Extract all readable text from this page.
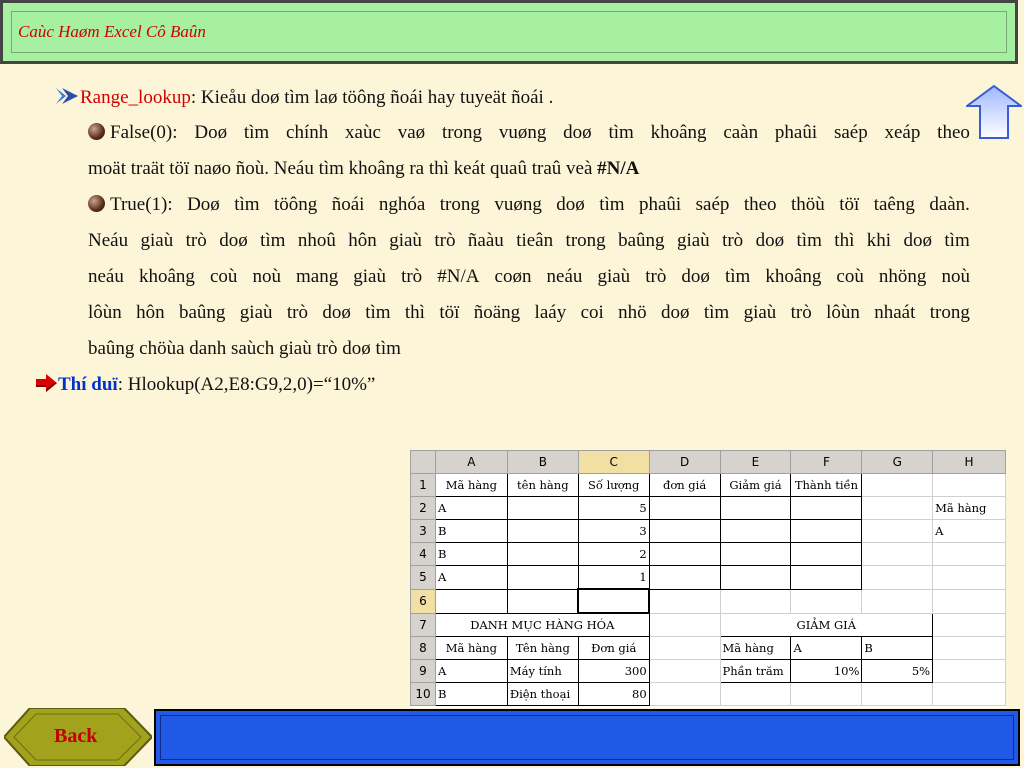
Caùc Haøm Excel Cô Baûn
Range_lookup: Kieåu doø tìm laø töông ñoái hay tuyeät ñoái .
False(0): Doø tìm chính xaùc vaø trong vuøng doø tìm khoâng caàn phaûi saép xeáp theo
moät traät töï naøo ñoù. Neáu tìm khoâng ra thì keát quaû traû veà #N/A
True(1): Doø tìm töông ñoái nghóa trong vuøng doø tìm phaûi saép theo thöù töï taêng daàn.
Neáu giaù trò doø tìm nhoû hôn giaù trò ñaàu tieân trong baûng giaù trò doø tìm thì khi doø tìm
neáu khoâng coù noù mang giaù trò #N/A coøn neáu giaù trò doø tìm khoâng coù nhöng noù
lôùn hôn baûng giaù trò doø tìm thì töï ñoäng laáy coi nhö doø tìm giaù trò lôùn nhaát trong
baûng chöùa danh saùch giaù trò doø tìm
Thí duï: Hlookup(A2,E8:G9,2,0)=“10%”
	A	B	C	D	E	F	G	H
1	Mã hàng	tên hàng	Số lượng	đơn giá	Giảm giá	Thành tiền		
2	A		5					Mã hàng
3	B		3					A
4	B		2					
5	A		1					
6								
7	DANH MỤC HÀNG HÓA				GIẢM GIÁ			
8	Mã hàng	Tên hàng	Đơn giá		Mã hàng	A	B	
9	A	Máy tính	300		Phần trăm	10%	5%	
10	B	Điện thoại	80					
Back
